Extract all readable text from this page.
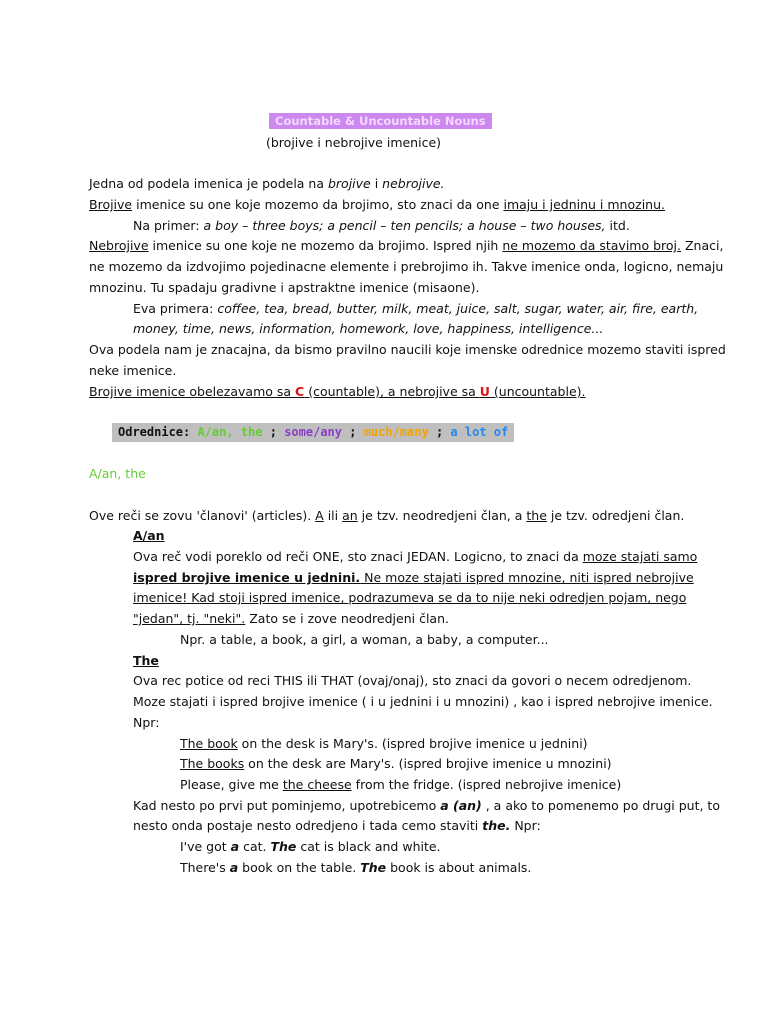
Countable & Uncountable Nouns
(brojive i nebrojive imenice)
Jedna od podela imenica je podela na brojive i nebrojive.
Brojive imenice su one koje mozemo da brojimo, sto znaci da one imaju i jedninu i mnozinu.
Na primer: a boy – three boys; a pencil – ten pencils; a house – two houses, itd.
Nebrojive imenice su one koje ne mozemo da brojimo. Ispred njih ne mozemo da stavimo broj. Znaci,
ne mozemo da izdvojimo pojedinacne elemente i prebrojimo ih. Takve imenice onda, logicno, nemaju
mnozinu. Tu spadaju gradivne i apstraktne imenice (misaone).
Eva primera: coffee, tea, bread, butter, milk, meat, juice, salt, sugar, water, air, fire, earth,
money, time, news, information, homework, love, happiness, intelligence...
Ova podela nam je znacajna, da bismo pravilno naucili koje imenske odrednice mozemo staviti ispred
neke imenice.
Brojive imenice obelezavamo sa C (countable), a nebrojive sa U (uncountable).
Odrednice: A/an, the ; some/any ; much/many ; a lot of
A/an, the
Ove reči se zovu 'članovi' (articles). A ili an je tzv. neodredjeni član, a the je tzv. odredjeni član.
A/an
Ova reč vodi poreklo od reči ONE, sto znaci JEDAN. Logicno, to znaci da moze stajati samo
ispred brojive imenice u jednini. Ne moze stajati ispred mnozine, niti ispred nebrojive
imenice! Kad stoji ispred imenice, podrazumeva se da to nije neki odredjen pojam, nego
"jedan", tj. "neki". Zato se i zove neodredjeni član.
Npr. a table, a book, a girl, a woman, a baby, a computer...
The
Ova rec potice od reci THIS ili THAT (ovaj/onaj), sto znaci da govori o necem odredjenom.
Moze stajati i ispred brojive imenice ( i u jednini i u mnozini) , kao i ispred nebrojive imenice.
Npr:
The book on the desk is Mary's. (ispred brojive imenice u jednini)
The books on the desk are Mary's. (ispred brojive imenice u mnozini)
Please, give me the cheese from the fridge. (ispred nebrojive imenice)
Kad nesto po prvi put pominjemo, upotrebicemo a (an) , a ako to pomenemo po drugi put, to
nesto onda postaje nesto odredjeno i tada cemo staviti the. Npr:
I've got a cat. The cat is black and white.
There's a book on the table. The book is about animals.
